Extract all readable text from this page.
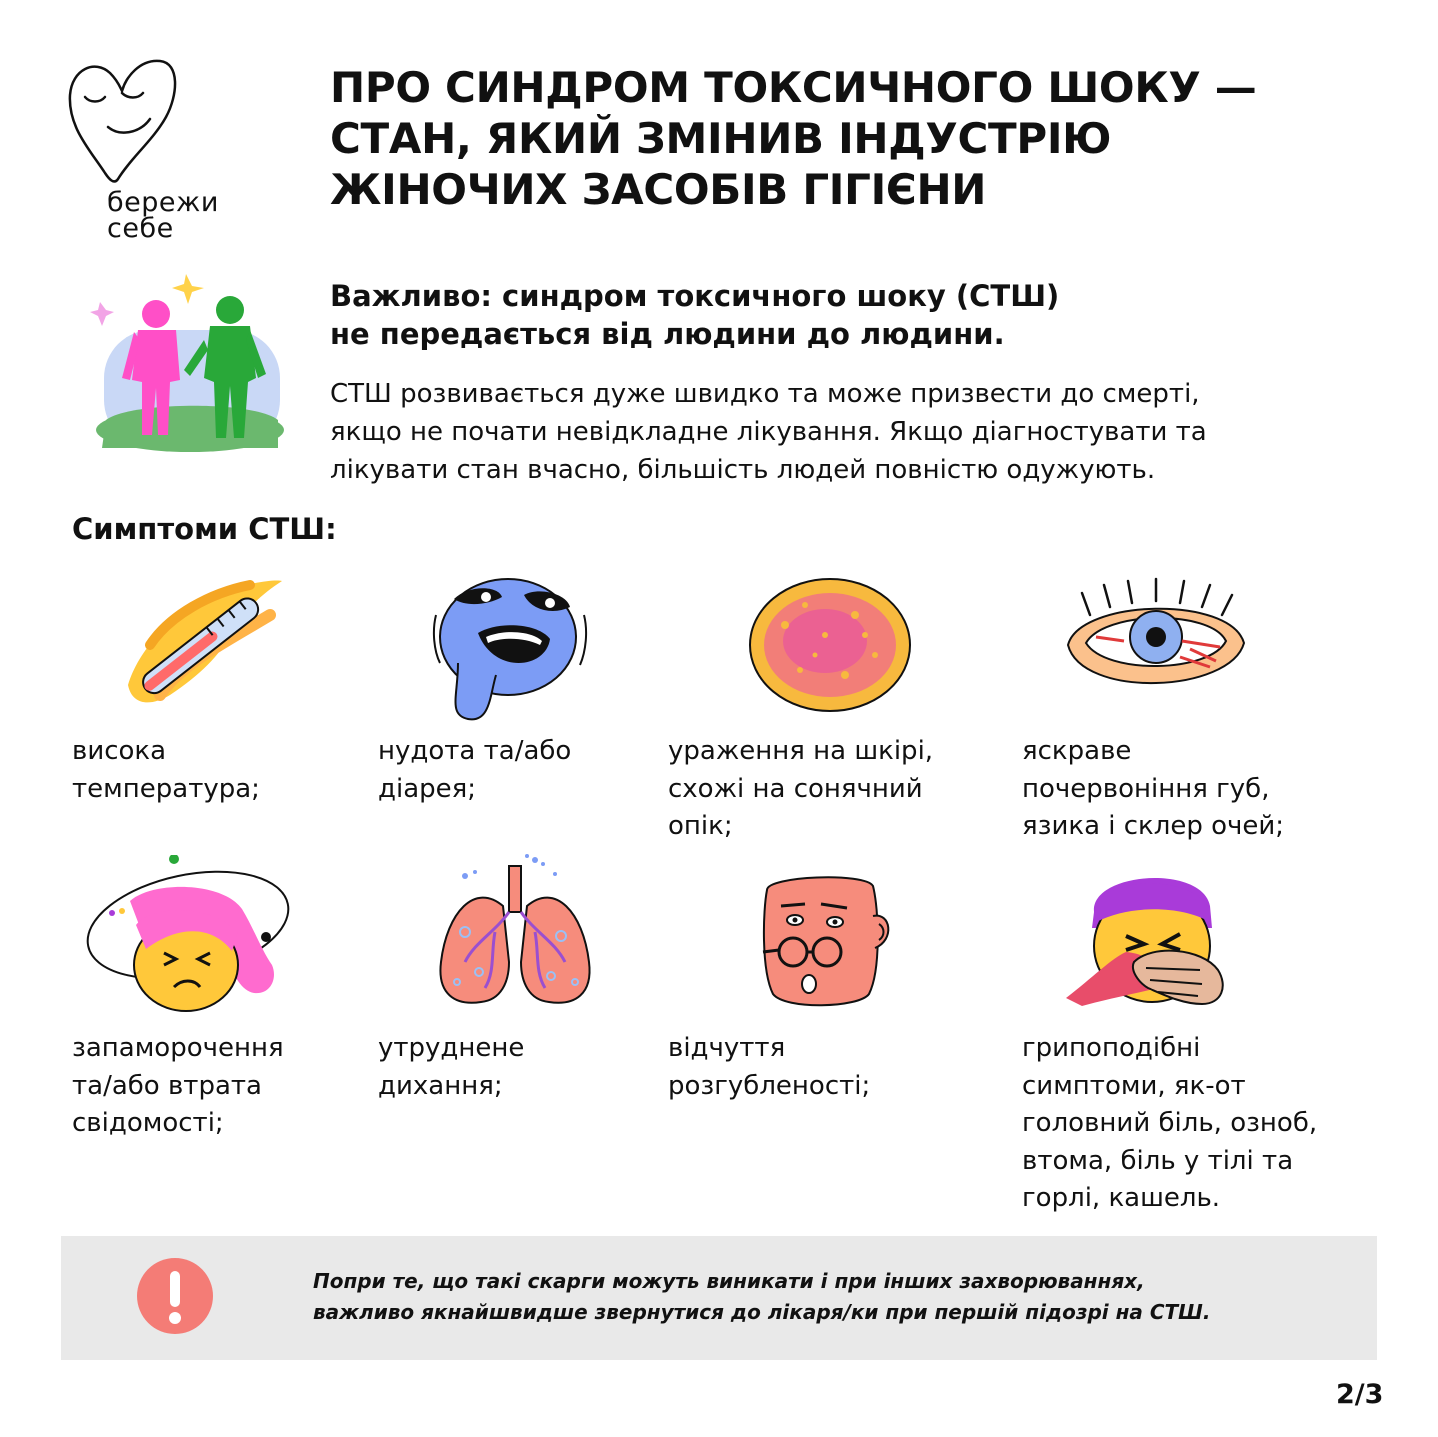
бережи
себе
ПРО СИНДРОМ ТОКСИЧНОГО ШОКУ —
СТАН, ЯКИЙ ЗМІНИВ ІНДУСТРІЮ
ЖІНОЧИХ ЗАСОБІВ ГІГІЄНИ

Важливо: синдром токсичного шоку (СТШ)
не передається від людини до людини.

СТШ розвивається дуже швидко та може призвести до смерті,
якщо не почати невідкладне лікування. Якщо діагностувати та
лікувати стан вчасно, більшість людей повністю одужують.

Симптоми СТШ:

висока
температура;

нудота та/або
діарея;

ураження на шкірі,
схожі на сонячний
опік;

яскраве
почервоніння губ,
язика і склер очей;

запаморочення
та/або втрата
свідомості;

утруднене
дихання;

відчуття
розгубленості;

грипоподібні
симптоми, як-от
головний біль, озноб,
втома, біль у тілі та
горлі, кашель.

Попри те, що такі скарги можуть виникати і при інших захворюваннях,
важливо якнайшвидше звернутися до лікаря/ки при першій підозрі на СТШ.

2/3
